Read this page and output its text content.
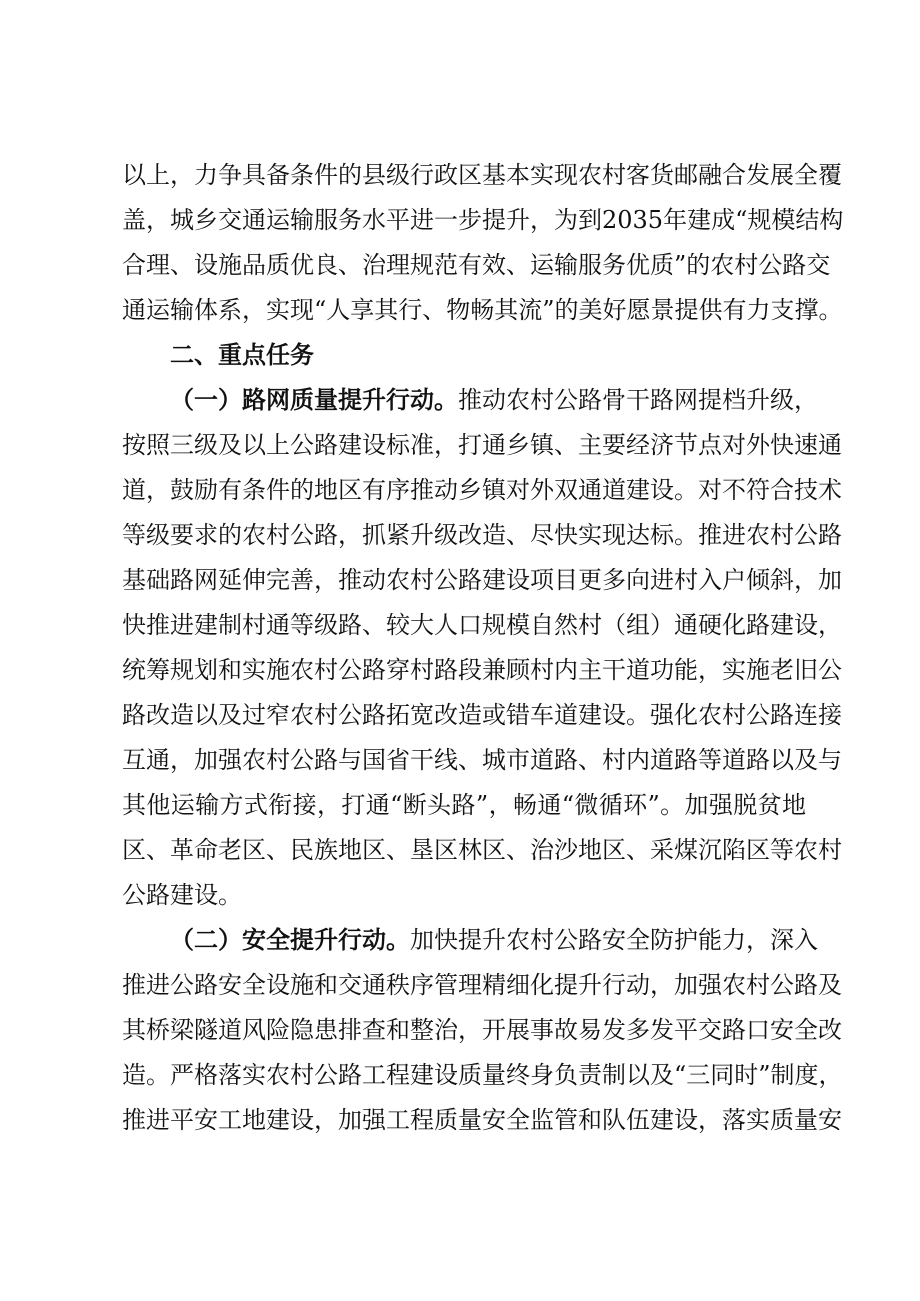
以上，力争具备条件的县级行政区基本实现农村客货邮融合发展全覆
盖，城乡交通运输服务水平进一步提升，为到2035年建成“规模结构
合理、设施品质优良、治理规范有效、运输服务优质”的农村公路交
通运输体系，实现“人享其行、物畅其流”的美好愿景提供有力支撑。
二、重点任务
（一）路网质量提升行动。推动农村公路骨干路网提档升级，
按照三级及以上公路建设标准，打通乡镇、主要经济节点对外快速通
道，鼓励有条件的地区有序推动乡镇对外双通道建设。对不符合技术
等级要求的农村公路，抓紧升级改造、尽快实现达标。推进农村公路
基础路网延伸完善，推动农村公路建设项目更多向进村入户倾斜，加
快推进建制村通等级路、较大人口规模自然村（组）通硬化路建设，
统筹规划和实施农村公路穿村路段兼顾村内主干道功能，实施老旧公
路改造以及过窄农村公路拓宽改造或错车道建设。强化农村公路连接
互通，加强农村公路与国省干线、城市道路、村内道路等道路以及与
其他运输方式衔接，打通“断头路”，畅通“微循环”。加强脱贫地
区、革命老区、民族地区、垦区林区、治沙地区、采煤沉陷区等农村
公路建设。
（二）安全提升行动。加快提升农村公路安全防护能力，深入
推进公路安全设施和交通秩序管理精细化提升行动，加强农村公路及
其桥梁隧道风险隐患排查和整治，开展事故易发多发平交路口安全改
造。严格落实农村公路工程建设质量终身负责制以及“三同时”制度，
推进平安工地建设，加强工程质量安全监管和队伍建设，落实质量安
